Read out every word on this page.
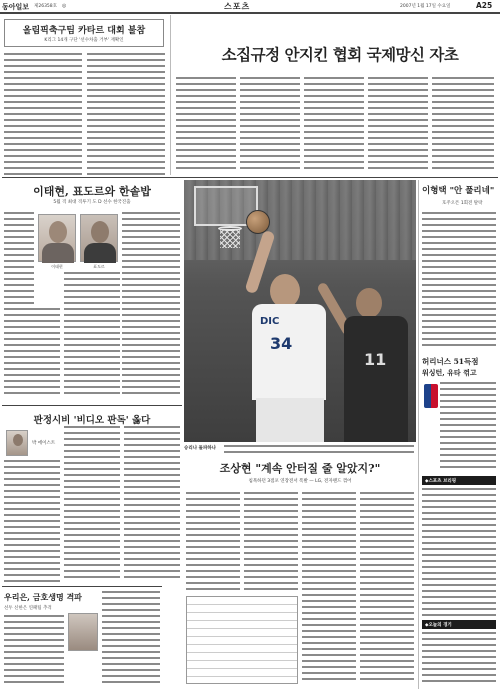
동아일보 제26358호 ◎	스포츠	2007년 1월 17일 수요일	A25
올림픽축구팀 카타르 대회 불참
K리그 14개 구단 '선수차출 거부' 재확인
소집규정 안지킨 협회 국제망신 자초
이태현, 표도르와 한솥밥
5월 격 최대 격투기 도 D 선수 한국진출
이태현	표도르
판정시비 '비디오 판독' 옳다
박 에이스트
우리은, 금호생명 격파
선두 신한은 연패팀 추격
DIC
34
11
승리나 돌파하나
조상현 "계속 안터질 줄 알았지?"
침묵하던 3점포 연장전서 폭발 — LG, 전자랜드 꺾어
이형택 "안 풀리네"
호주오픈 1회전 탈락
허리너스 51득점
워싱턴, 유타 꺾고
◆스포츠 브리핑
◆오늘의 경기
